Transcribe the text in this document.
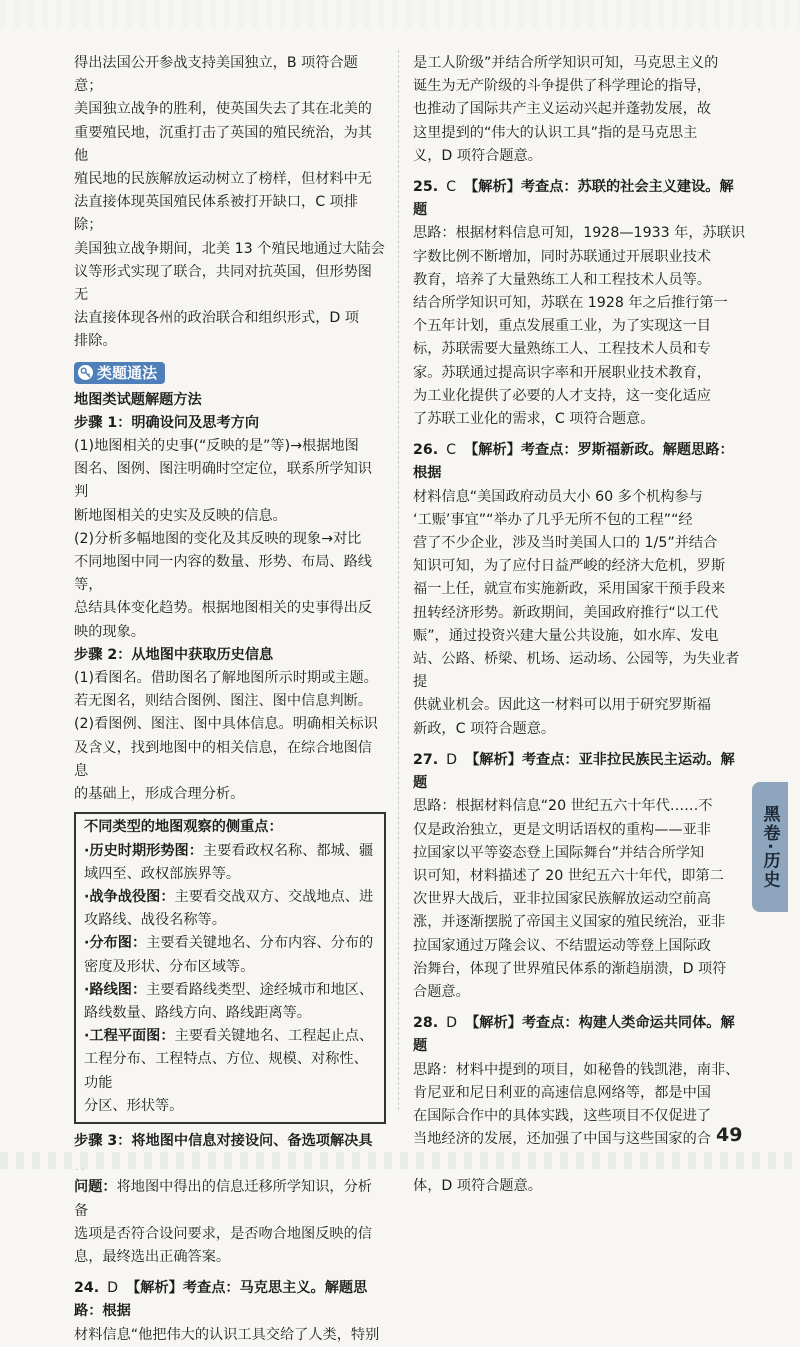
得出法国公开参战支持美国独立，B 项符合题意；

美国独立战争的胜利，使英国失去了其在北美的

重要殖民地，沉重打击了英国的殖民统治，为其他

殖民地的民族解放运动树立了榜样，但材料中无

法直接体现英国殖民体系被打开缺口，C 项排除；

美国独立战争期间，北美 13 个殖民地通过大陆会

议等形式实现了联合，共同对抗英国，但形势图无

法直接体现各州的政治联合和组织形式，D 项

排除。

类题通法

地图类试题解题方法

步骤 1：明确设问及思考方向

(1)地图相关的史事(“反映的是”等)→根据地图

图名、图例、图注明确时空定位，联系所学知识判

断地图相关的史实及反映的信息。

(2)分析多幅地图的变化及其反映的现象→对比

不同地图中同一内容的数量、形势、布局、路线等，

总结具体变化趋势。根据地图相关的史事得出反

映的现象。

步骤 2：从地图中获取历史信息

(1)看图名。借助图名了解地图所示时期或主题。

若无图名，则结合图例、图注、图中信息判断。

(2)看图例、图注、图中具体信息。明确相关标识

及含义，找到地图中的相关信息，在综合地图信息

的基础上，形成合理分析。

不同类型的地图观察的侧重点：

·历史时期形势图：主要看政权名称、都城、疆

域四至、政权部族界等。

·战争战役图：主要看交战双方、交战地点、进

攻路线、战役名称等。

·分布图：主要看关键地名、分布内容、分布的

密度及形状、分布区域等。

·路线图：主要看路线类型、途经城市和地区、

路线数量、路线方向、路线距离等。

·工程平面图：主要看关键地名、工程起止点、

工程分布、工程特点、方位、规模、对称性、功能

分区、形状等。

步骤 3：将地图中信息对接设问、备选项解决具

问题：将地图中得出的信息迁移所学知识，分析备

选项是否符合设问要求，是否吻合地图反映的信

息，最终选出正确答案。

24. D 【解析】考查点：马克思主义。解题思路：根据

材料信息“他把伟大的认识工具交给了人类，特别

是工人阶级”并结合所学知识可知，马克思主义的

诞生为无产阶级的斗争提供了科学理论的指导，

也推动了国际共产主义运动兴起并蓬勃发展，故

这里提到的“伟大的认识工具”指的是马克思主

义，D 项符合题意。

25. C 【解析】考查点：苏联的社会主义建设。解题

思路：根据材料信息可知，1928—1933 年，苏联识

字数比例不断增加，同时苏联通过开展职业技术

教育，培养了大量熟练工人和工程技术人员等。

结合所学知识可知，苏联在 1928 年之后推行第一

个五年计划，重点发展重工业，为了实现这一目

标，苏联需要大量熟练工人、工程技术人员和专

家。苏联通过提高识字率和开展职业技术教育，

为工业化提供了必要的人才支持，这一变化适应

了苏联工业化的需求，C 项符合题意。

26. C 【解析】考查点：罗斯福新政。解题思路：根据

材料信息“美国政府动员大小 60 多个机构参与

‘工赈’事宜”“举办了几乎无所不包的工程”“经

营了不少企业，涉及当时美国人口的 1/5”并结合

知识可知，为了应付日益严峻的经济大危机，罗斯

福一上任，就宣布实施新政，采用国家干预手段来

扭转经济形势。新政期间，美国政府推行“以工代

赈”，通过投资兴建大量公共设施，如水库、发电

站、公路、桥梁、机场、运动场、公园等，为失业者提

供就业机会。因此这一材料可以用于研究罗斯福

新政，C 项符合题意。

27. D 【解析】考查点：亚非拉民族民主运动。解题

思路：根据材料信息“20 世纪五六十年代……不

仅是政治独立，更是文明话语权的重构——亚非

拉国家以平等姿态登上国际舞台”并结合所学知

识可知，材料描述了 20 世纪五六十年代，即第二

次世界大战后，亚非拉国家民族解放运动空前高

涨，并逐渐摆脱了帝国主义国家的殖民统治，亚非

拉国家通过万隆会议、不结盟运动等登上国际政

治舞台，体现了世界殖民体系的渐趋崩溃，D 项符

合题意。

28. D 【解析】考查点：构建人类命运共同体。解题

思路：材料中提到的项目，如秘鲁的钱凯港，南非、

肯尼亚和尼日利亚的高速信息网络等，都是中国

在国际合作中的具体实践，这些项目不仅促进了

当地经济的发展，还加强了中国与这些国家的合

体，D 项符合题意。

黑卷·历史
49
